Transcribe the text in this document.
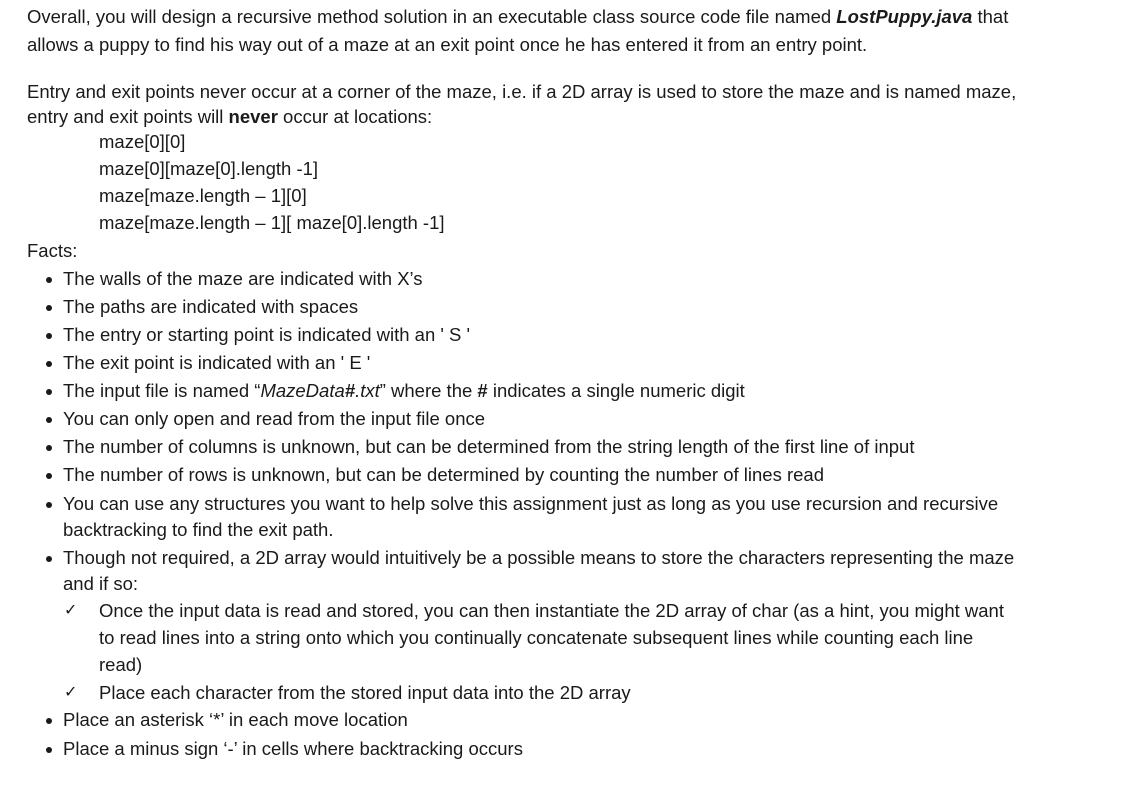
Overall, you will design a recursive method solution in an executable class source code file named LostPuppy.java that
allows a puppy to find his way out of a maze at an exit point once he has entered it from an entry point.
Entry and exit points never occur at a corner of the maze, i.e. if a 2D array is used to store the maze and is named maze,
entry and exit points will never occur at locations:
maze[0][0]
maze[0][maze[0].length -1]
maze[maze.length – 1][0]
maze[maze.length – 1][ maze[0].length -1]
Facts:
The walls of the maze are indicated with X’s
The paths are indicated with spaces
The entry or starting point is indicated with an ' S '
The exit point is indicated with an ' E '
The input file is named “MazeData#.txt” where the # indicates a single numeric digit
You can only open and read from the input file once
The number of columns is unknown, but can be determined from the string length of the first line of input
The number of rows is unknown, but can be determined by counting the number of lines read
You can use any structures you want to help solve this assignment just as long as you use recursion and recursive
backtracking to find the exit path.
Though not required, a 2D array would intuitively be a possible means to store the characters representing the maze
and if so:
✓ Once the input data is read and stored, you can then instantiate the 2D array of char (as a hint, you might want
to read lines into a string onto which you continually concatenate subsequent lines while counting each line
read)
✓ Place each character from the stored input data into the 2D array
Place an asterisk ‘*’ in each move location
Place a minus sign ‘-’ in cells where backtracking occurs
